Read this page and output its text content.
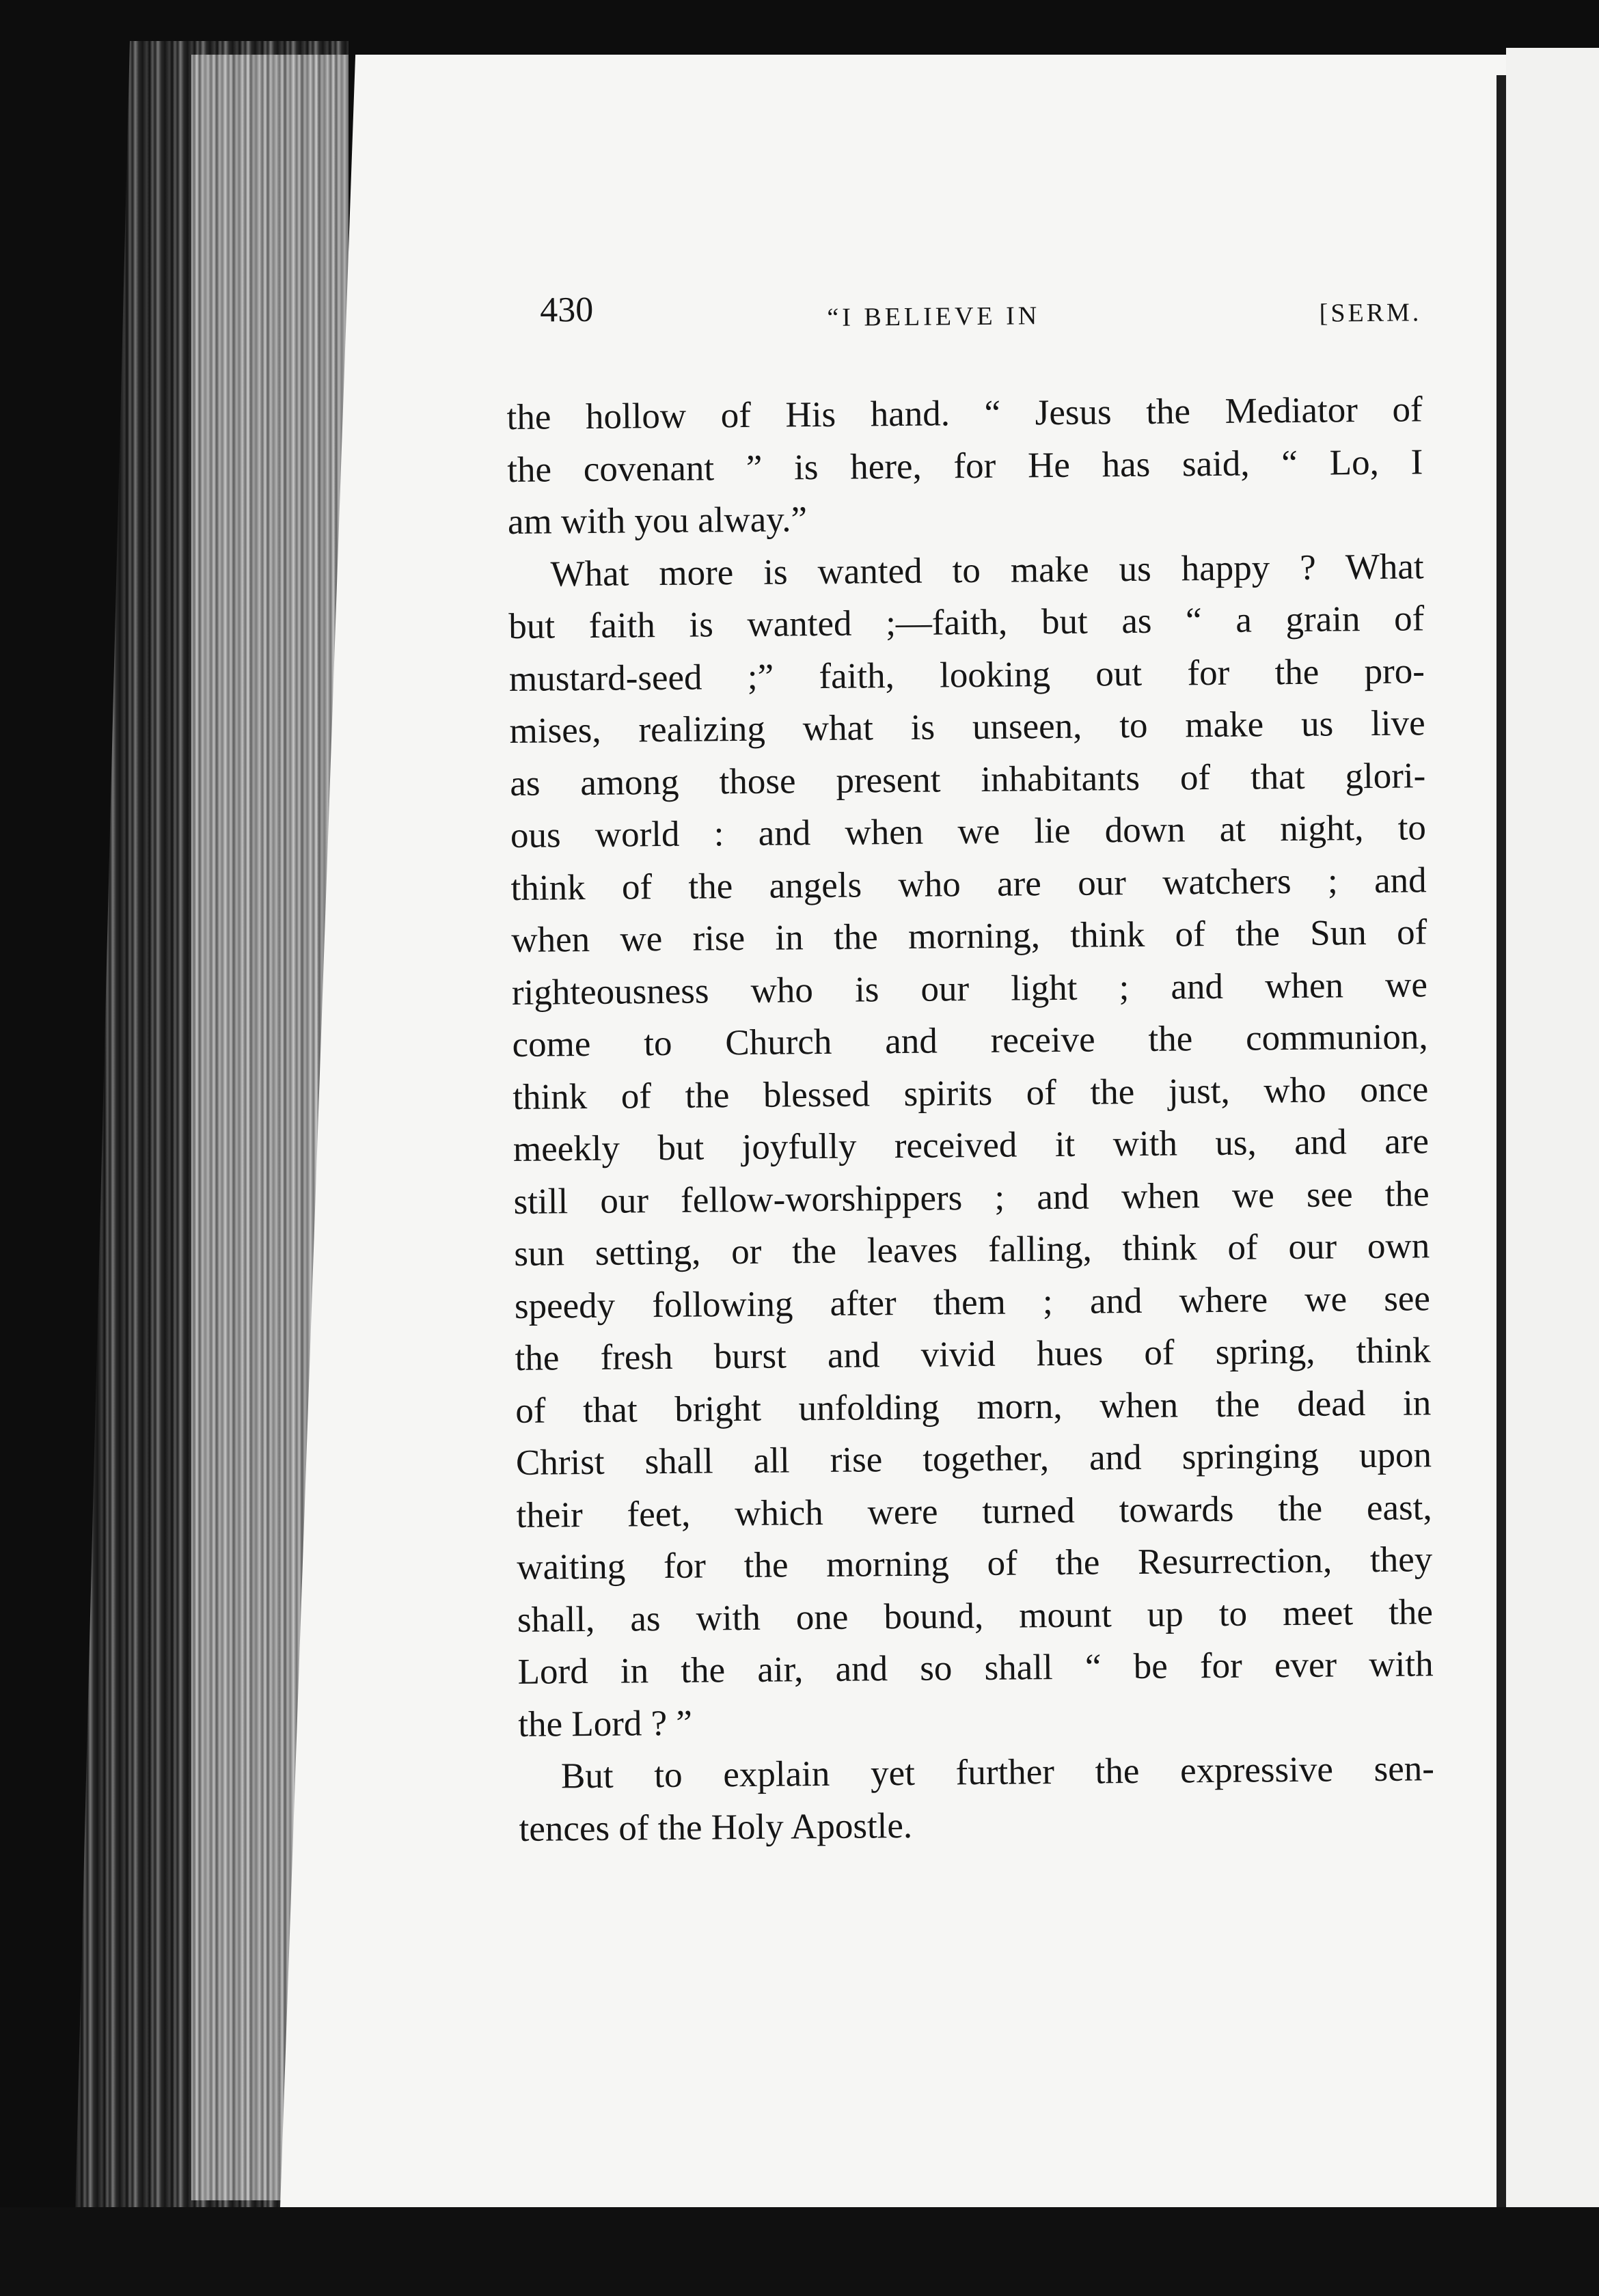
430	“I BELIEVE IN	[SERM.
the hollow of His hand. “ Jesus the Mediator of
the covenant ” is here, for He has said, “ Lo, I
am with you alway.”
What more is wanted to make us happy ? What
but faith is wanted ;—faith, but as “ a grain of
mustard-seed ;” faith, looking out for the pro-
mises, realizing what is unseen, to make us live
as among those present inhabitants of that glori-
ous world : and when we lie down at night, to
think of the angels who are our watchers ; and
when we rise in the morning, think of the Sun of
righteousness who is our light ; and when we
come to Church and receive the communion,
think of the blessed spirits of the just, who once
meekly but joyfully received it with us, and are
still our fellow-worshippers ; and when we see the
sun setting, or the leaves falling, think of our own
speedy following after them ; and where we see
the fresh burst and vivid hues of spring, think
of that bright unfolding morn, when the dead in
Christ shall all rise together, and springing upon
their feet, which were turned towards the east,
waiting for the morning of the Resurrection, they
shall, as with one bound, mount up to meet the
Lord in the air, and so shall “ be for ever with
the Lord ? ”
But to explain yet further the expressive sen-
tences of the Holy Apostle.
